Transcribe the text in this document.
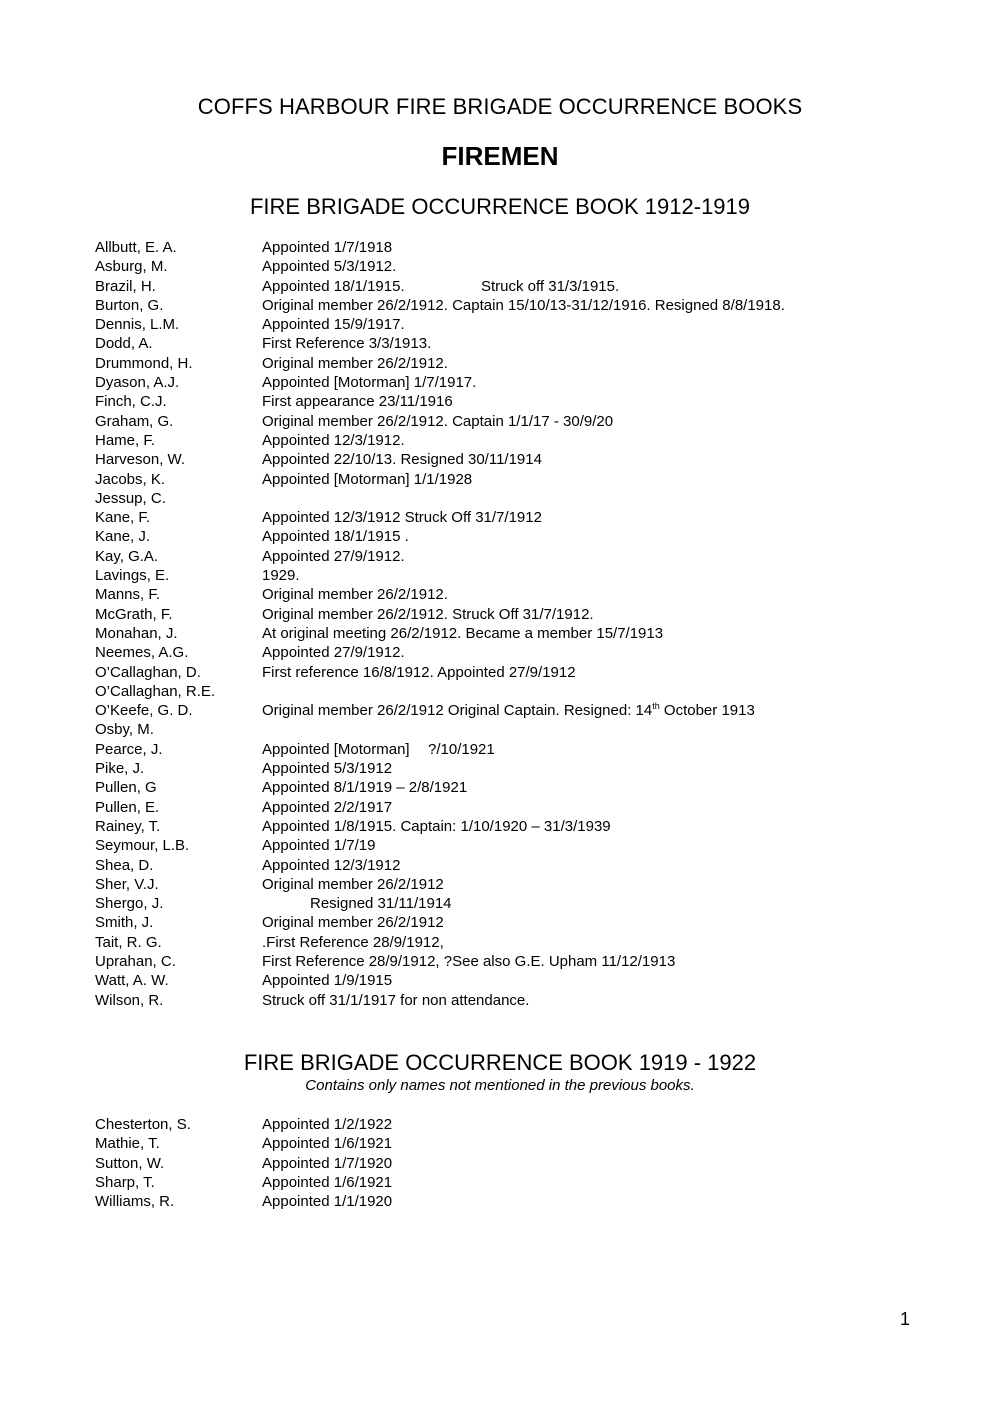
COFFS HARBOUR FIRE BRIGADE OCCURRENCE BOOKS
FIREMEN
FIRE BRIGADE OCCURRENCE BOOK 1912-1919
Allbutt, E. A.	Appointed 1/7/1918
Asburg, M.	Appointed 5/3/1912.
Brazil, H.	Appointed 18/1/1915.	Struck off 31/3/1915.
Burton, G.	Original member 26/2/1912. Captain 15/10/13-31/12/1916. Resigned 8/8/1918.
Dennis, L.M.	Appointed 15/9/1917.
Dodd, A.	First Reference 3/3/1913.
Drummond, H.	Original member 26/2/1912.
Dyason, A.J.	Appointed [Motorman] 1/7/1917.
Finch, C.J.	First appearance 23/11/1916
Graham, G.	Original member 26/2/1912. Captain 1/1/17 - 30/9/20
Hame, F.	Appointed 12/3/1912.
Harveson, W.	Appointed 22/10/13. Resigned 30/11/1914
Jacobs, K.	Appointed [Motorman] 1/1/1928
Jessup, C.
Kane, F.	Appointed 12/3/1912 Struck Off 31/7/1912
Kane, J.	Appointed 18/1/1915 .
Kay, G.A.	Appointed 27/9/1912.
Lavings, E.	1929.
Manns, F.	Original member 26/2/1912.
McGrath, F.	Original member 26/2/1912. Struck Off 31/7/1912.
Monahan, J.	At original meeting 26/2/1912. Became a member 15/7/1913
Neemes, A.G.	Appointed 27/9/1912.
O’Callaghan, D.	First reference 16/8/1912. Appointed 27/9/1912
O’Callaghan, R.E.
O’Keefe, G. D.	Original member 26/2/1912 Original Captain. Resigned: 14th October 1913
Osby, M.
Pearce, J.	Appointed [Motorman] ?/10/1921
Pike, J.	Appointed 5/3/1912
Pullen, G	Appointed 8/1/1919 – 2/8/1921
Pullen, E.	Appointed 2/2/1917
Rainey, T.	Appointed 1/8/1915. Captain: 1/10/1920 – 31/3/1939
Seymour, L.B.	Appointed 1/7/19
Shea, D.	Appointed 12/3/1912
Sher, V.J.	Original member 26/2/1912
Shergo, J.	Resigned 31/11/1914
Smith, J.	Original member 26/2/1912
Tait, R. G.	.First Reference 28/9/1912,
Uprahan, C.	First Reference 28/9/1912, ?See also G.E. Upham 11/12/1913
Watt, A. W.	Appointed 1/9/1915
Wilson, R.	Struck off 31/1/1917 for non attendance.
FIRE BRIGADE OCCURRENCE BOOK 1919 - 1922
Contains only names not mentioned in the previous books.
Chesterton, S.	Appointed 1/2/1922
Mathie, T.	Appointed 1/6/1921
Sutton, W.	Appointed 1/7/1920
Sharp, T.	Appointed 1/6/1921
Williams, R.	Appointed 1/1/1920
1
